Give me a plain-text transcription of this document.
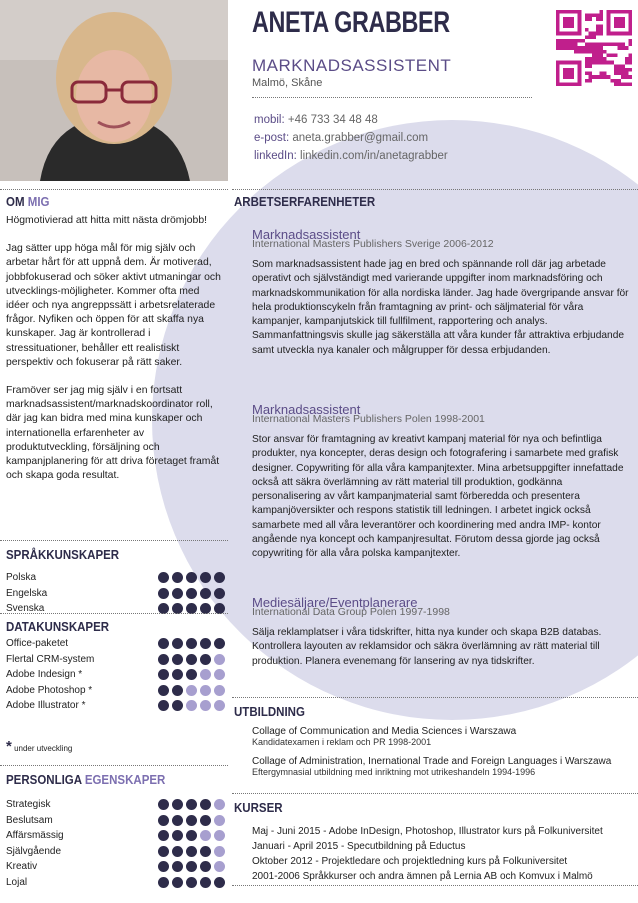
ANETA GRABBER
MARKNADSASSISTENT
Malmö, Skåne
mobil: +46 733 34 48 48
e-post: aneta.grabber@gmail.com
linkedIn: linkedin.com/in/anetagrabber
OM MIG

Högmotivierad att hitta mitt nästa drömjobb!

Jag sätter upp höga mål för mig själv och arbetar hårt för att uppnå dem. Är motiverad, jobbfokuserad och söker aktivt utmaningar och utvecklings-möjligheter. Kommer ofta med idéer och nya angreppssätt i arbetsrelaterade frågor. Nyfiken och öppen för att skaffa nya kunskaper. Jag är kontrollerad i stressituationer, behåller ett realistiskt perspektiv och fokuserar på rätt saker.

Framöver ser jag mig själv i en fortsatt marknadsassistent/marknadskoordinator roll, där jag kan bidra med mina kunskaper och internationella erfarenheter av produktutveckling, försäljning och kampanjplanering för att driva företaget framåt och skapa goda resultat.

SPRÅKKUNSKAPER
Polska
Engelska
Svenska
DATAKUNSKAPER
Office-paketet
Flertal CRM-system
Adobe Indesign *
Adobe Photoshop *
Adobe Illustrator *
* under utveckling
PERSONLIGA EGENSKAPER
Strategisk
Beslutsam
Affärsmässig
Självgående
Kreativ
Lojal
ARBETSERFARENHETER
Marknadsassistent
International Masters Publishers Sverige 2006-2012
Som marknadsassistent hade jag en bred och spännande roll där jag arbetade operativt och självständigt med varierande uppgifter inom marknadsföring och marknadskommunikation för alla nordiska länder. Jag hade övergripande ansvar för hela produktionscykeln från framtagning av print- och säljmaterial för våra kampanjer, kampanjutskick till fullfilment, rapportering och analys. Sammanfattningsvis skulle jag säkerställa att våra kunder får attraktiva erbjudande samt utveckla nya kanaler och målgrupper för dessa erbjudanden.
Marknadsassistent
International Masters Publishers Polen 1998-2001
Stor ansvar för framtagning av kreativt kampanj material för nya och befintliga produkter, nya koncepter, deras design och fotografering i samarbete med grafisk designer. Copywriting för alla våra kampanjtexter. Mina arbetsuppgifter innefattade också att säkra överlämning av rätt material till produktion, godkänna personalisering av vårt kampanjmaterial samt förberedda och presentera kampanjöversikter och respons statistik till ledningen. I arbetet ingick också samarbete med all våra leverantörer och koordinering med andra IMP- kontor angående nya koncept och kampanjresultat. Förutom dessa gjorde jag också copywriting för alla våra polska kampanjtexter.
Mediesäljare/Eventplanerare
International Data Group Polen 1997-1998
Sälja reklamplatser i våra tidskrifter, hitta nya kunder och skapa B2B databas. Kontrollera layouten av reklamsidor och säkra överlämning av rätt material till produktion. Planera evenemang för lansering av nya tidskrifter.
UTBILDNING
Collage of Communication and Media Sciences i Warszawa
Kandidatexamen i reklam och PR 1998-2001
Collage of Administration, Inernational Trade and Foreign Languages i Warszawa
Eftergymnasial utbildning med inriktning mot utrikeshandeln 1994-1996
KURSER
Maj - Juni 2015 - Adobe InDesign, Photoshop, Illustrator kurs på Folkuniversitet
Januari - April 2015 - Specutbildning på Eductus
Oktober 2012 - Projektledare och projektledning kurs på Folkuniversitet
2001-2006 Språkkurser och andra ämnen på Lernia AB och Komvux i Malmö
